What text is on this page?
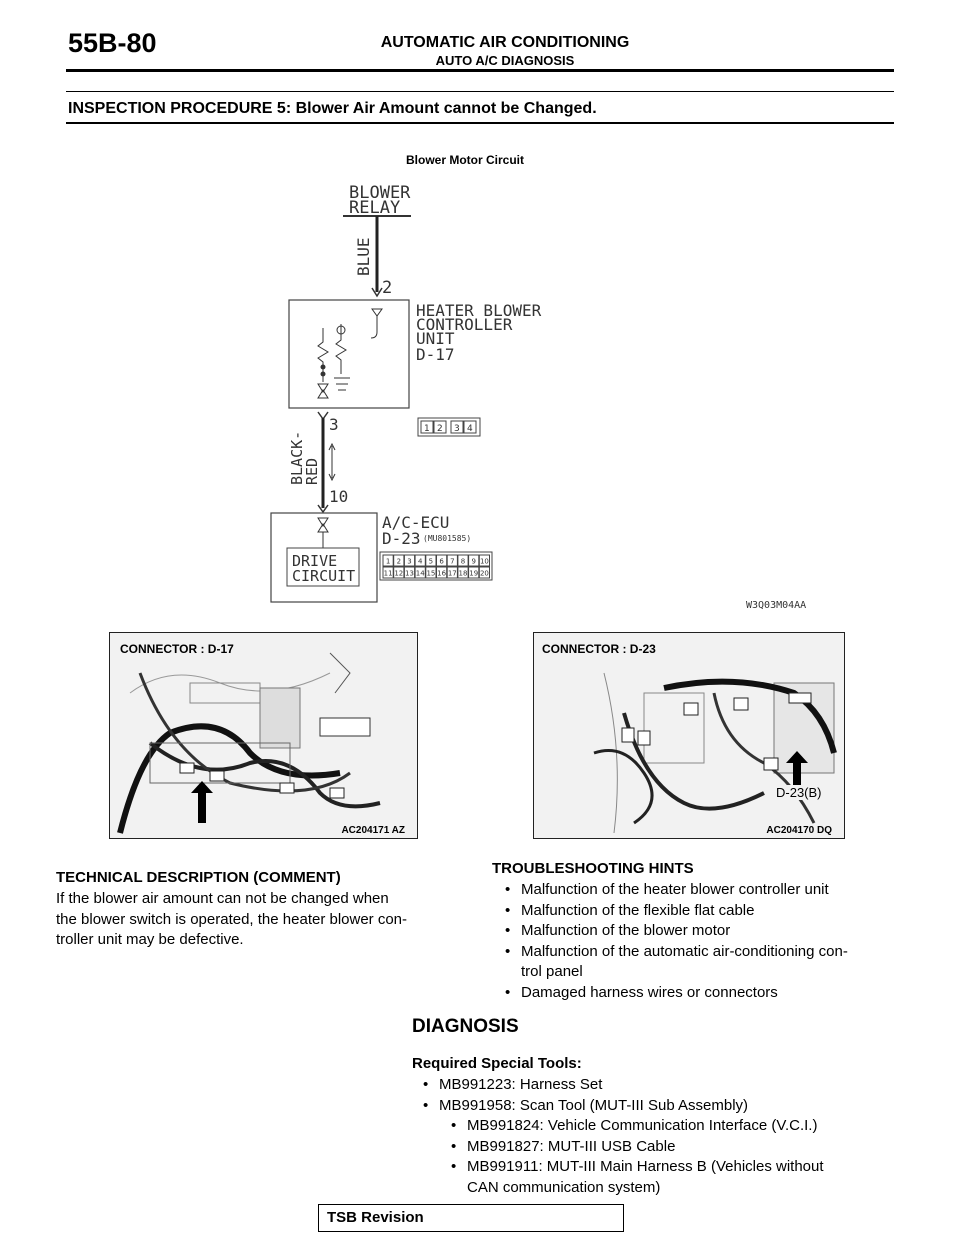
55B-80	AUTOMATIC AIR CONDITIONING
AUTO A/C DIAGNOSIS
INSPECTION PROCEDURE 5: Blower Air Amount cannot be Changed.
Blower Motor Circuit
BLOWER
RELAY
BLUE
2
HEATER BLOWER
CONTROLLER
UNIT
D-17
1 2 3 4
3
10
BLACK-
RED
DRIVE
CIRCUIT
A/C-ECU
D-23 (MU801585)
1 2 3 4 5 6 7 8 9 10
11 12 13 14 15 16 17 18 19 20
W3Q03M04AA
CONNECTOR : D-17
AC204171 AZ
CONNECTOR : D-23
D-23(B)
AC204170 DQ
TECHNICAL DESCRIPTION (COMMENT)
If the blower air amount can not be changed when
the blower switch is operated, the heater blower con-
troller unit may be defective.
TROUBLESHOOTING HINTS
• Malfunction of the heater blower controller unit
• Malfunction of the flexible flat cable
• Malfunction of the blower motor
• Malfunction of the automatic air-conditioning con-
trol panel
• Damaged harness wires or connectors
DIAGNOSIS
Required Special Tools:
• MB991223: Harness Set
• MB991958: Scan Tool (MUT-III Sub Assembly)
• MB991824: Vehicle Communication Interface (V.C.I.)
• MB991827: MUT-III USB Cable
• MB991911: MUT-III Main Harness B (Vehicles without
CAN communication system)
TSB Revision
